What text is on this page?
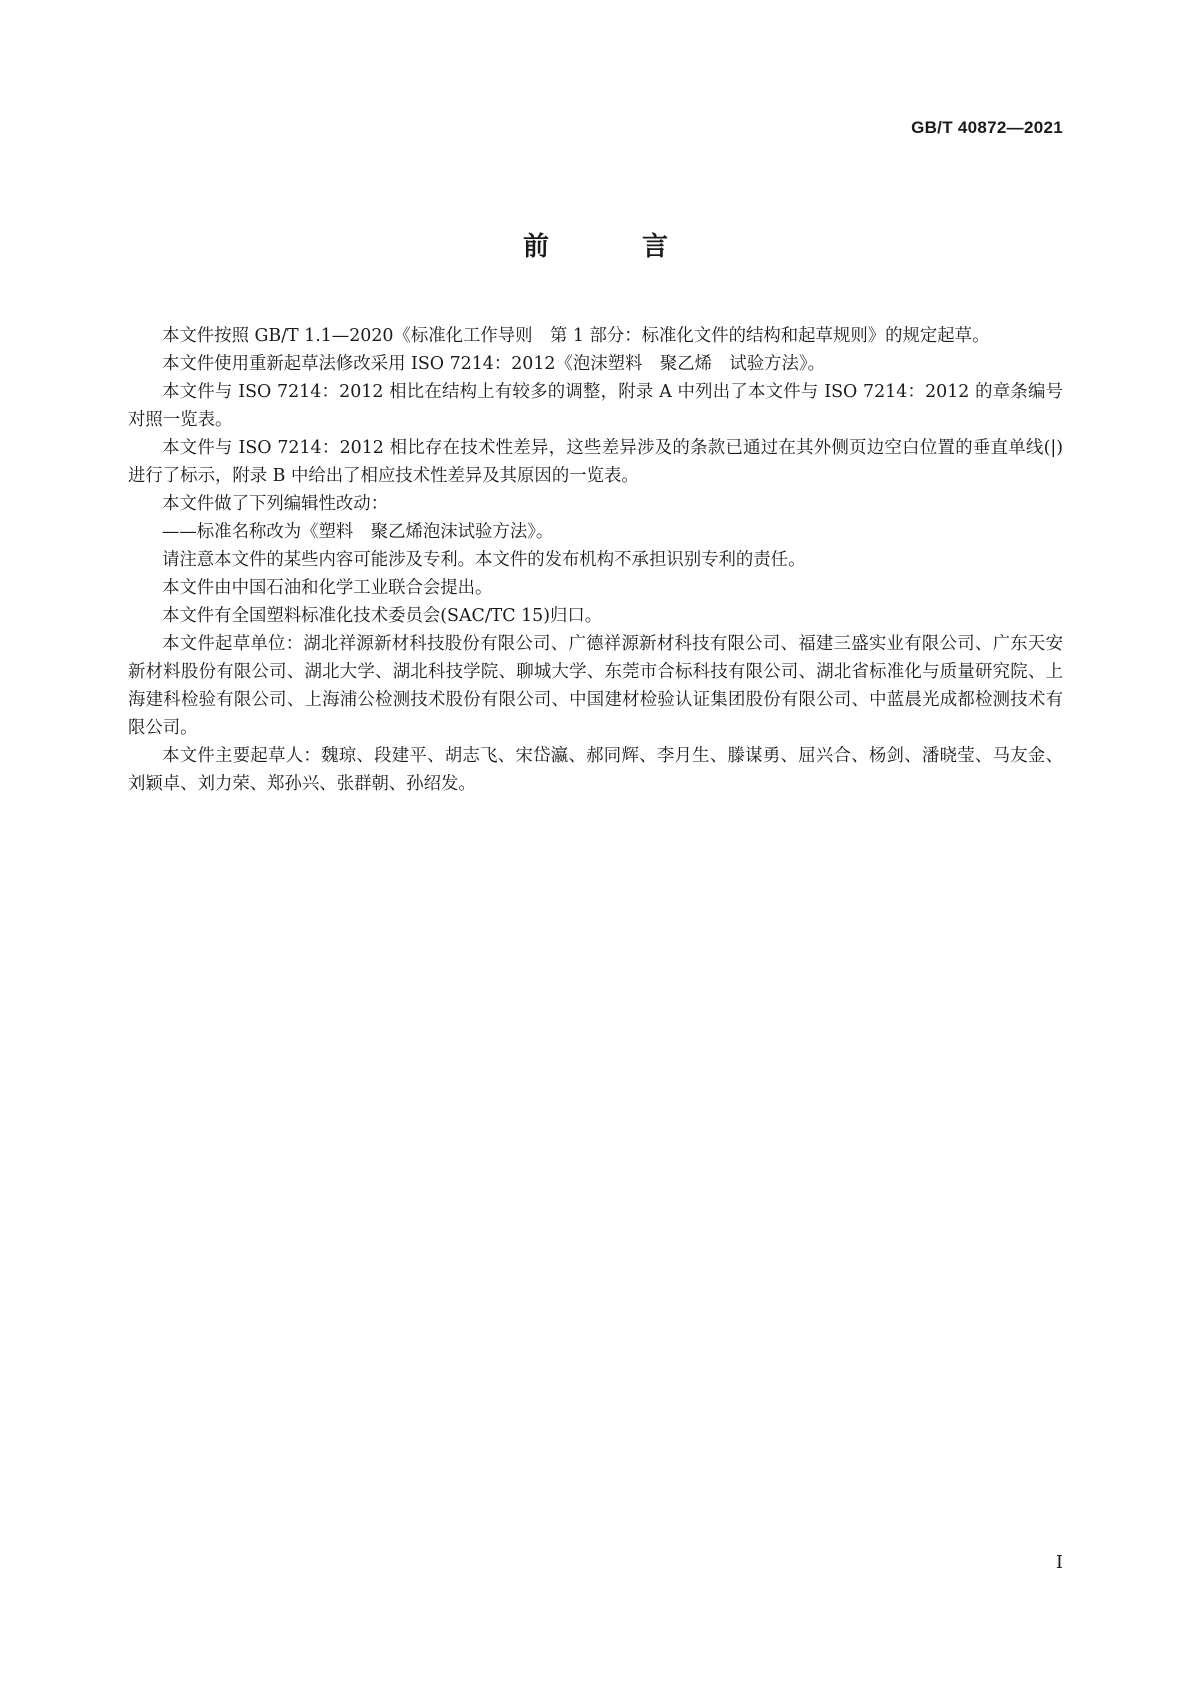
GB/T 40872—2021
前 言

本文件按照 GB/T 1.1—2020《标准化工作导则　第 1 部分：标准化文件的结构和起草规则》的规定起草。

本文件使用重新起草法修改采用 ISO 7214：2012《泡沫塑料　聚乙烯　试验方法》。

本文件与 ISO 7214：2012 相比在结构上有较多的调整，附录 A 中列出了本文件与 ISO 7214：2012 的章条编号对照一览表。

本文件与 ISO 7214：2012 相比存在技术性差异，这些差异涉及的条款已通过在其外侧页边空白位置的垂直单线(|)进行了标示，附录 B 中给出了相应技术性差异及其原因的一览表。

本文件做了下列编辑性改动：

——标准名称改为《塑料　聚乙烯泡沫试验方法》。

请注意本文件的某些内容可能涉及专利。本文件的发布机构不承担识别专利的责任。

本文件由中国石油和化学工业联合会提出。

本文件有全国塑料标准化技术委员会(SAC/TC 15)归口。

本文件起草单位：湖北祥源新材科技股份有限公司、广德祥源新材科技有限公司、福建三盛实业有限公司、广东天安新材料股份有限公司、湖北大学、湖北科技学院、聊城大学、东莞市合标科技有限公司、湖北省标准化与质量研究院、上海建科检验有限公司、上海浦公检测技术股份有限公司、中国建材检验认证集团股份有限公司、中蓝晨光成都检测技术有限公司。

本文件主要起草人：魏琼、段建平、胡志飞、宋岱瀛、郝同辉、李月生、滕谋勇、屈兴合、杨剑、潘晓莹、马友金、刘颖卓、刘力荣、郑孙兴、张群朝、孙绍发。

I
